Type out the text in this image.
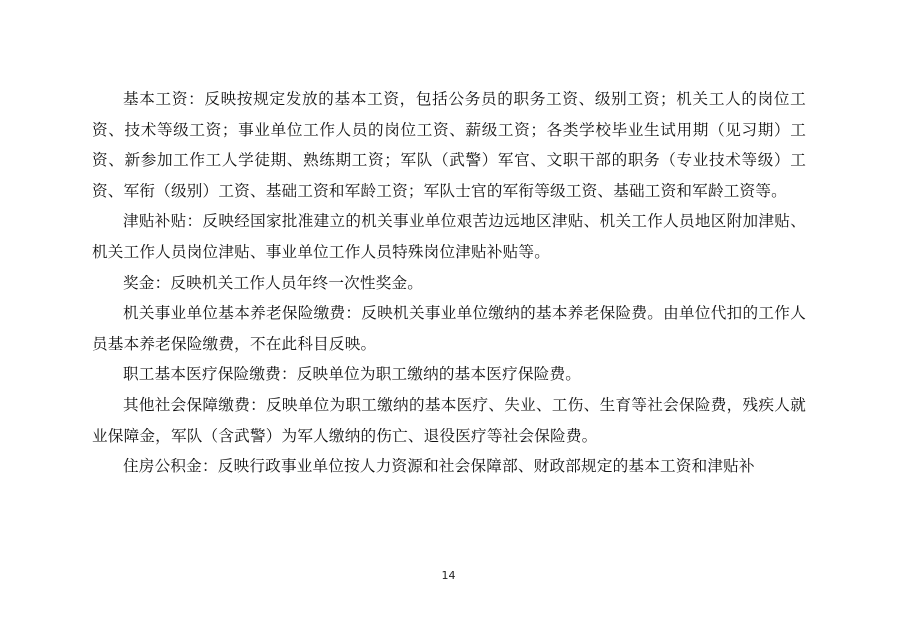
基本工资：反映按规定发放的基本工资，包括公务员的职务工资、级别工资；机关工人的岗位工资、技术等级工资；事业单位工作人员的岗位工资、薪级工资；各类学校毕业生试用期（见习期）工资、新参加工作工人学徒期、熟练期工资；军队（武警）军官、文职干部的职务（专业技术等级）工资、军衔（级别）工资、基础工资和军龄工资；军队士官的军衔等级工资、基础工资和军龄工资等。

津贴补贴：反映经国家批准建立的机关事业单位艰苦边远地区津贴、机关工作人员地区附加津贴、机关工作人员岗位津贴、事业单位工作人员特殊岗位津贴补贴等。

奖金：反映机关工作人员年终一次性奖金。

机关事业单位基本养老保险缴费：反映机关事业单位缴纳的基本养老保险费。由单位代扣的工作人员基本养老保险缴费，不在此科目反映。

职工基本医疗保险缴费：反映单位为职工缴纳的基本医疗保险费。

其他社会保障缴费：反映单位为职工缴纳的基本医疗、失业、工伤、生育等社会保险费，残疾人就业保障金，军队（含武警）为军人缴纳的伤亡、退役医疗等社会保险费。

住房公积金：反映行政事业单位按人力资源和社会保障部、财政部规定的基本工资和津贴补

14
